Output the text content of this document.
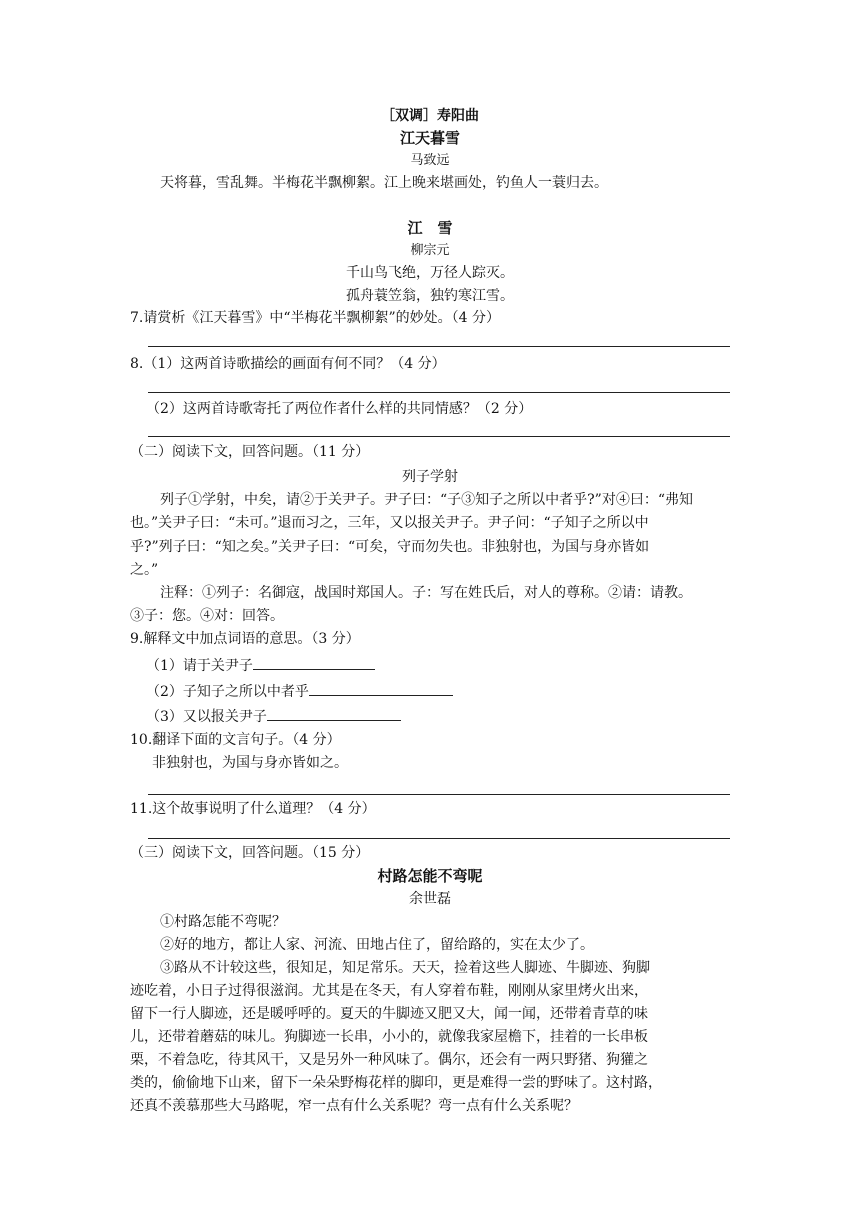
［双调］寿阳曲
江天暮雪
马致远
天将暮，雪乱舞。半梅花半飘柳絮。江上晚来堪画处，钓鱼人一蓑归去。
江　雪
柳宗元
千山鸟飞绝，万径人踪灭。
孤舟蓑笠翁，独钓寒江雪。
7.请赏析《江天暮雪》中“半梅花半飘柳絮”的妙处。（4 分）
8.（1）这两首诗歌描绘的画面有何不同？（4 分）
（2）这两首诗歌寄托了两位作者什么样的共同情感？（2 分）
（二）阅读下文，回答问题。（11 分）
列子学射
列子①学射，中矣，请②于关尹子。尹子曰：“子③知子之所以中者乎?”对④曰：“弗知
也。”关尹子曰：“未可。”退而习之，三年，又以报关尹子。尹子问：“子知子之所以中
乎?”列子曰：“知之矣。”关尹子曰：“可矣，守而勿失也。非独射也，为国与身亦皆如
之。”
注释：①列子：名御寇，战国时郑国人。子：写在姓氏后，对人的尊称。②请：请教。
③子：您。④对：回答。
9.解释文中加点词语的意思。（3 分）
（1）请于关尹子
（2）子知子之所以中者乎
（3）又以报关尹子
10.翻译下面的文言句子。（4 分）
非独射也，为国与身亦皆如之。
11.这个故事说明了什么道理？（4 分）
（三）阅读下文，回答问题。（15 分）
村路怎能不弯呢
余世磊
①村路怎能不弯呢？
②好的地方，都让人家、河流、田地占住了，留给路的，实在太少了。
③路从不计较这些，很知足，知足常乐。天天，捡着这些人脚迹、牛脚迹、狗脚
迹吃着，小日子过得很滋润。尤其是在冬天，有人穿着布鞋，刚刚从家里烤火出来，
留下一行人脚迹，还是暖呼呼的。夏天的牛脚迹又肥又大，闻一闻，还带着青草的味
儿，还带着蘑菇的味儿。狗脚迹一长串，小小的，就像我家屋檐下，挂着的一长串板
栗，不着急吃，待其风干，又是另外一种风味了。偶尔，还会有一两只野猪、狗獾之
类的，偷偷地下山来，留下一朵朵野梅花样的脚印，更是难得一尝的野味了。这村路，
还真不羡慕那些大马路呢，窄一点有什么关系呢？弯一点有什么关系呢？
